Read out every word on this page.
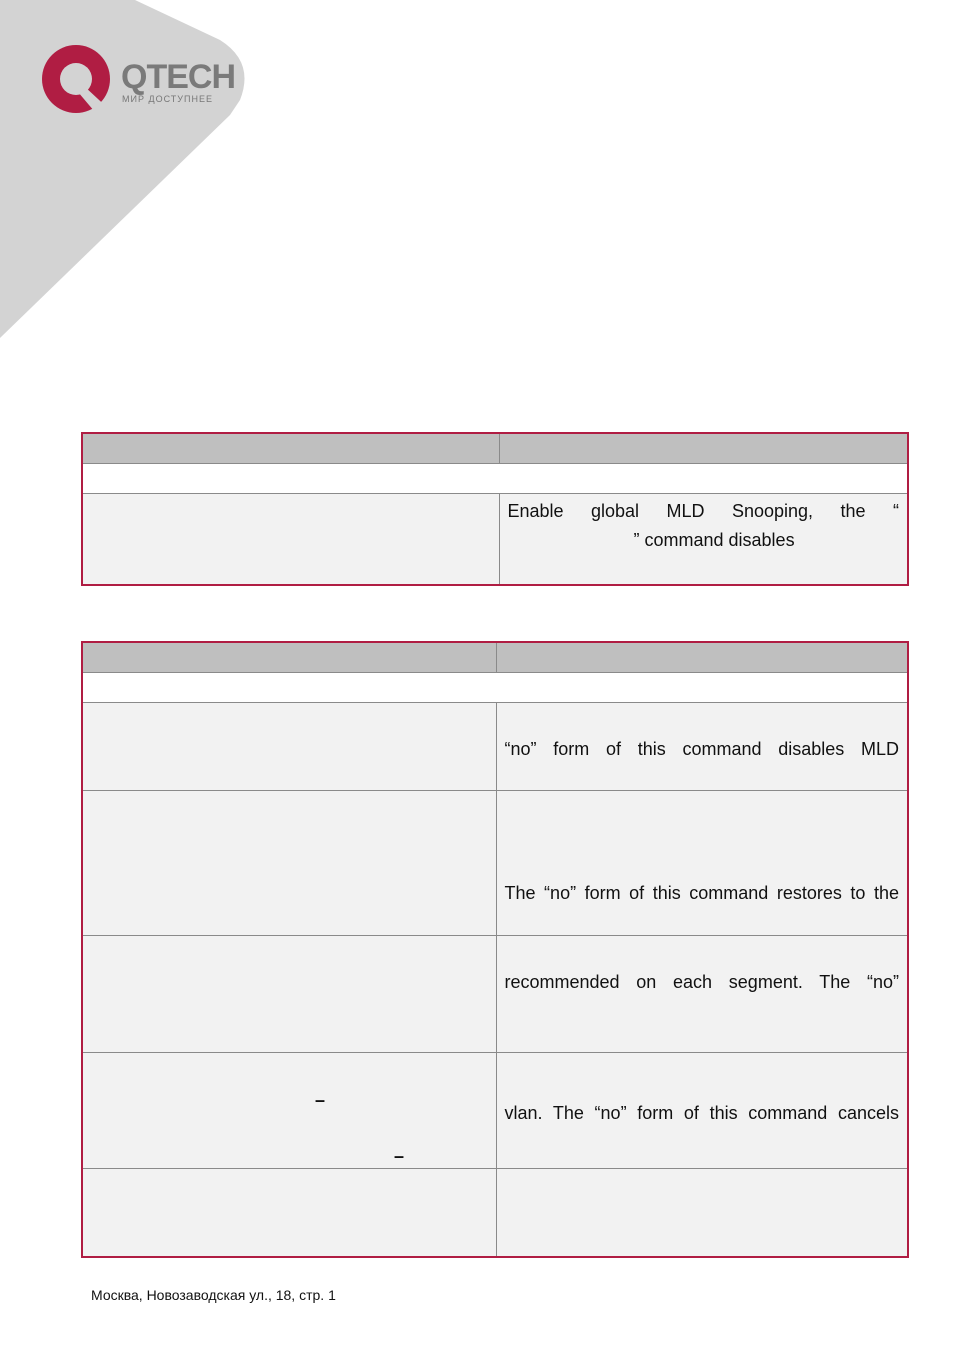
QTECH
МИР ДОСТУПНЕЕ

	Enable global MLD Snooping, the “
” command disables

	“no” form of this command disables MLD

	The “no” form of this command restores to the

	recommended on each segment. The “no”

–
–	vlan. The “no” form of this command cancels

Москва, Новозаводская ул., 18, стр. 1
